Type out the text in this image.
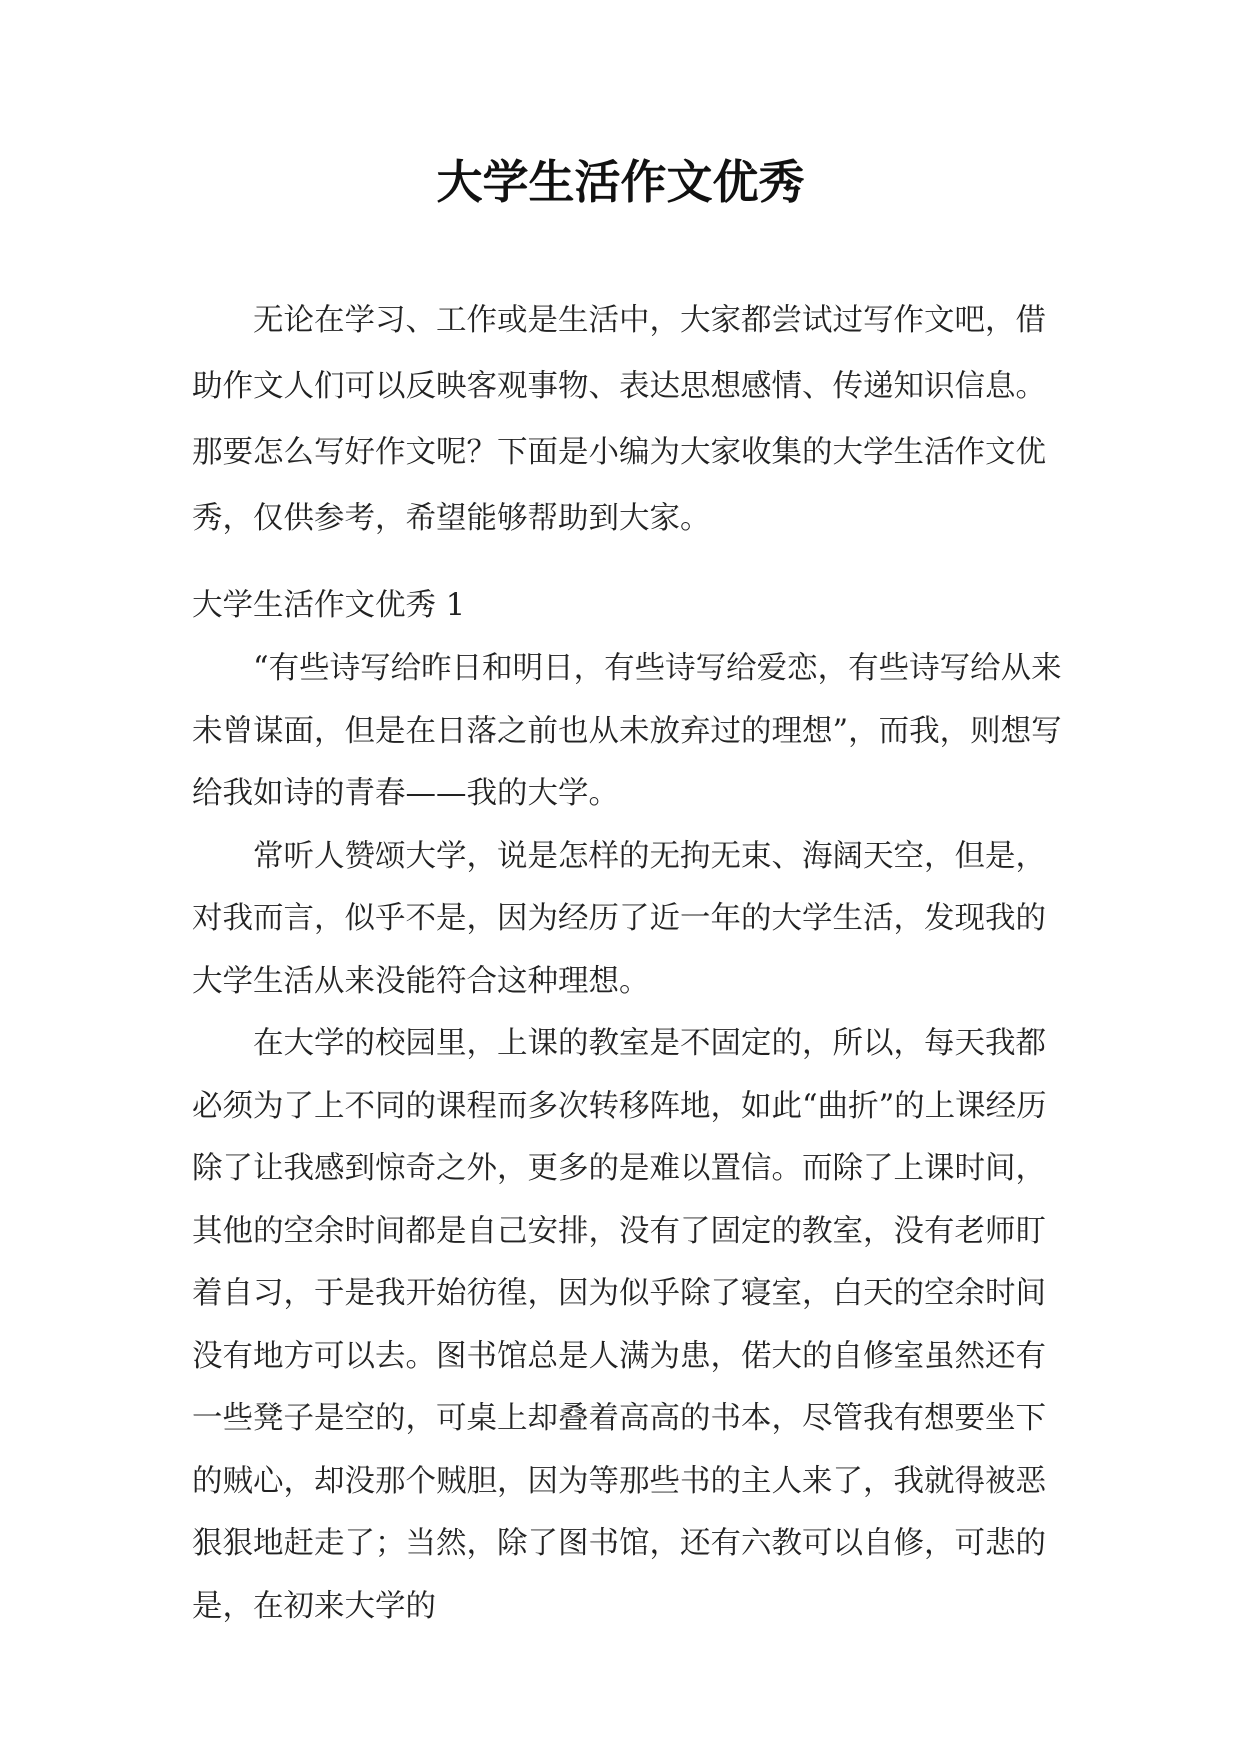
大学生活作文优秀

无论在学习、工作或是生活中，大家都尝试过写作文吧，借助作文人们可以反映客观事物、表达思想感情、传递知识信息。那要怎么写好作文呢？下面是小编为大家收集的大学生活作文优秀，仅供参考，希望能够帮助到大家。

大学生活作文优秀 1

“有些诗写给昨日和明日，有些诗写给爱恋，有些诗写给从来未曾谋面，但是在日落之前也从未放弃过的理想”，而我，则想写给我如诗的青春——我的大学。

常听人赞颂大学，说是怎样的无拘无束、海阔天空，但是，对我而言，似乎不是，因为经历了近一年的大学生活，发现我的大学生活从来没能符合这种理想。

在大学的校园里，上课的教室是不固定的，所以，每天我都必须为了上不同的课程而多次转移阵地，如此“曲折”的上课经历除了让我感到惊奇之外，更多的是难以置信。而除了上课时间，其他的空余时间都是自己安排，没有了固定的教室，没有老师盯着自习，于是我开始彷徨，因为似乎除了寝室，白天的空余时间没有地方可以去。图书馆总是人满为患，偌大的自修室虽然还有一些凳子是空的，可桌上却叠着高高的书本，尽管我有想要坐下的贼心，却没那个贼胆，因为等那些书的主人来了，我就得被恶狠狠地赶走了；当然，除了图书馆，还有六教可以自修，可悲的是，在初来大学的
